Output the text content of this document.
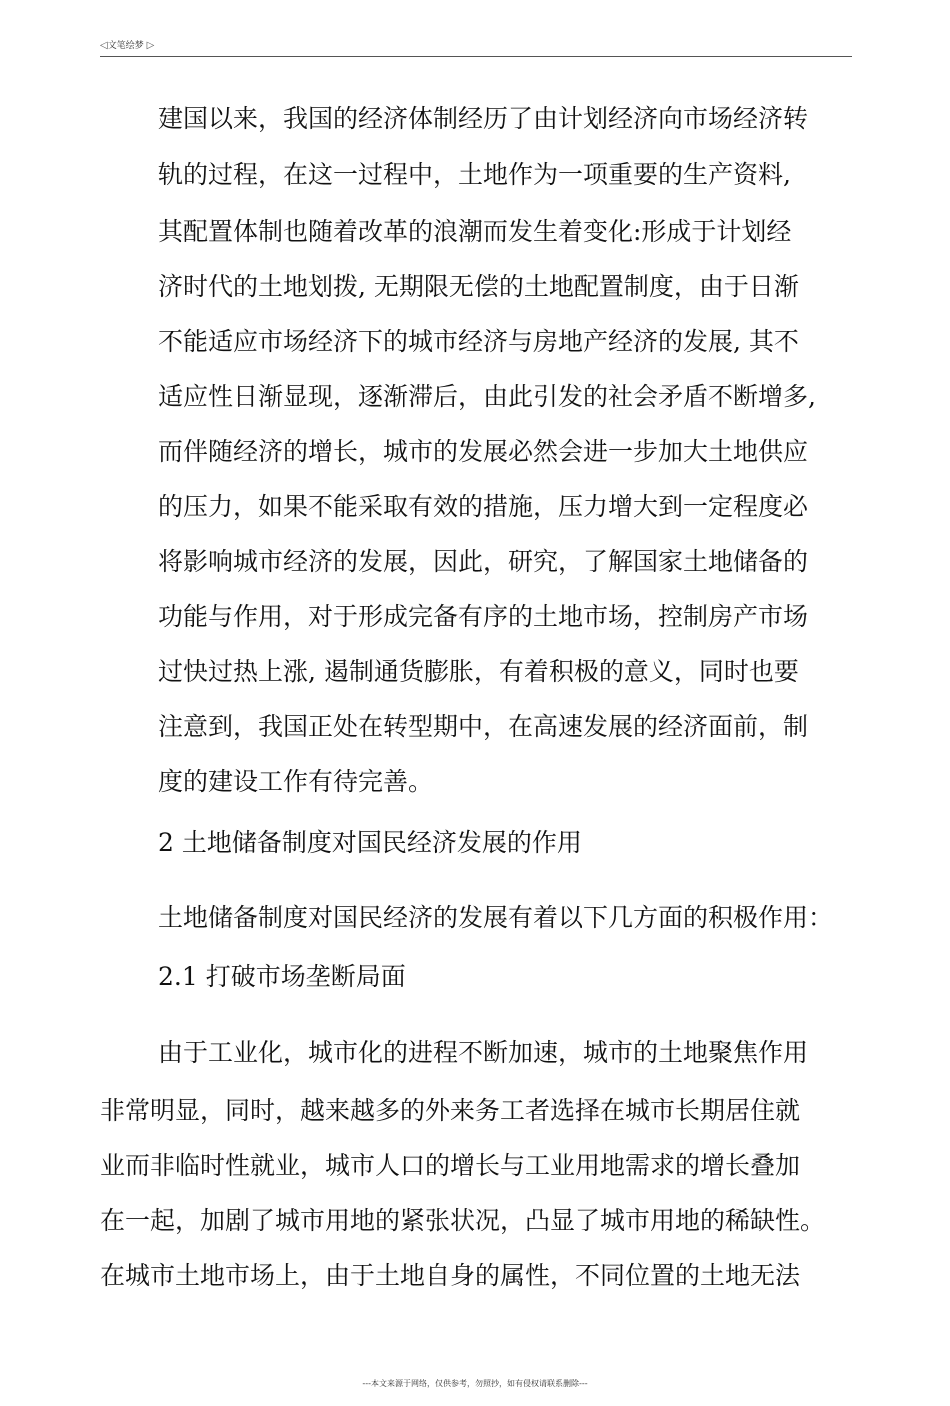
◁文笔绘梦 ▷
建国以来，我国的经济体制经历了由计划经济向市场经济转
轨的过程，在这一过程中，土地作为一项重要的生产资料,
其配置体制也随着改革的浪潮而发生着变化:形成于计划经
济时代的土地划拨, 无期限无偿的土地配置制度，由于日渐
不能适应市场经济下的城市经济与房地产经济的发展, 其不
适应性日渐显现，逐渐滞后，由此引发的社会矛盾不断增多,
而伴随经济的增长，城市的发展必然会进一步加大土地供应
的压力，如果不能采取有效的措施，压力增大到一定程度必
将影响城市经济的发展，因此，研究，了解国家土地储备的
功能与作用，对于形成完备有序的土地市场，控制房产市场
过快过热上涨, 遏制通货膨胀，有着积极的意义，同时也要
注意到，我国正处在转型期中，在高速发展的经济面前，制
度的建设工作有待完善。
2 土地储备制度对国民经济发展的作用
土地储备制度对国民经济的发展有着以下几方面的积极作用：
2.1 打破市场垄断局面
由于工业化，城市化的进程不断加速，城市的土地聚焦作用
非常明显，同时，越来越多的外来务工者选择在城市长期居住就
业而非临时性就业，城市人口的增长与工业用地需求的增长叠加
在一起，加剧了城市用地的紧张状况，凸显了城市用地的稀缺性。
在城市土地市场上，由于土地自身的属性，不同位置的土地无法
---本文来源于网络，仅供参考，勿照抄，如有侵权请联系删除---
